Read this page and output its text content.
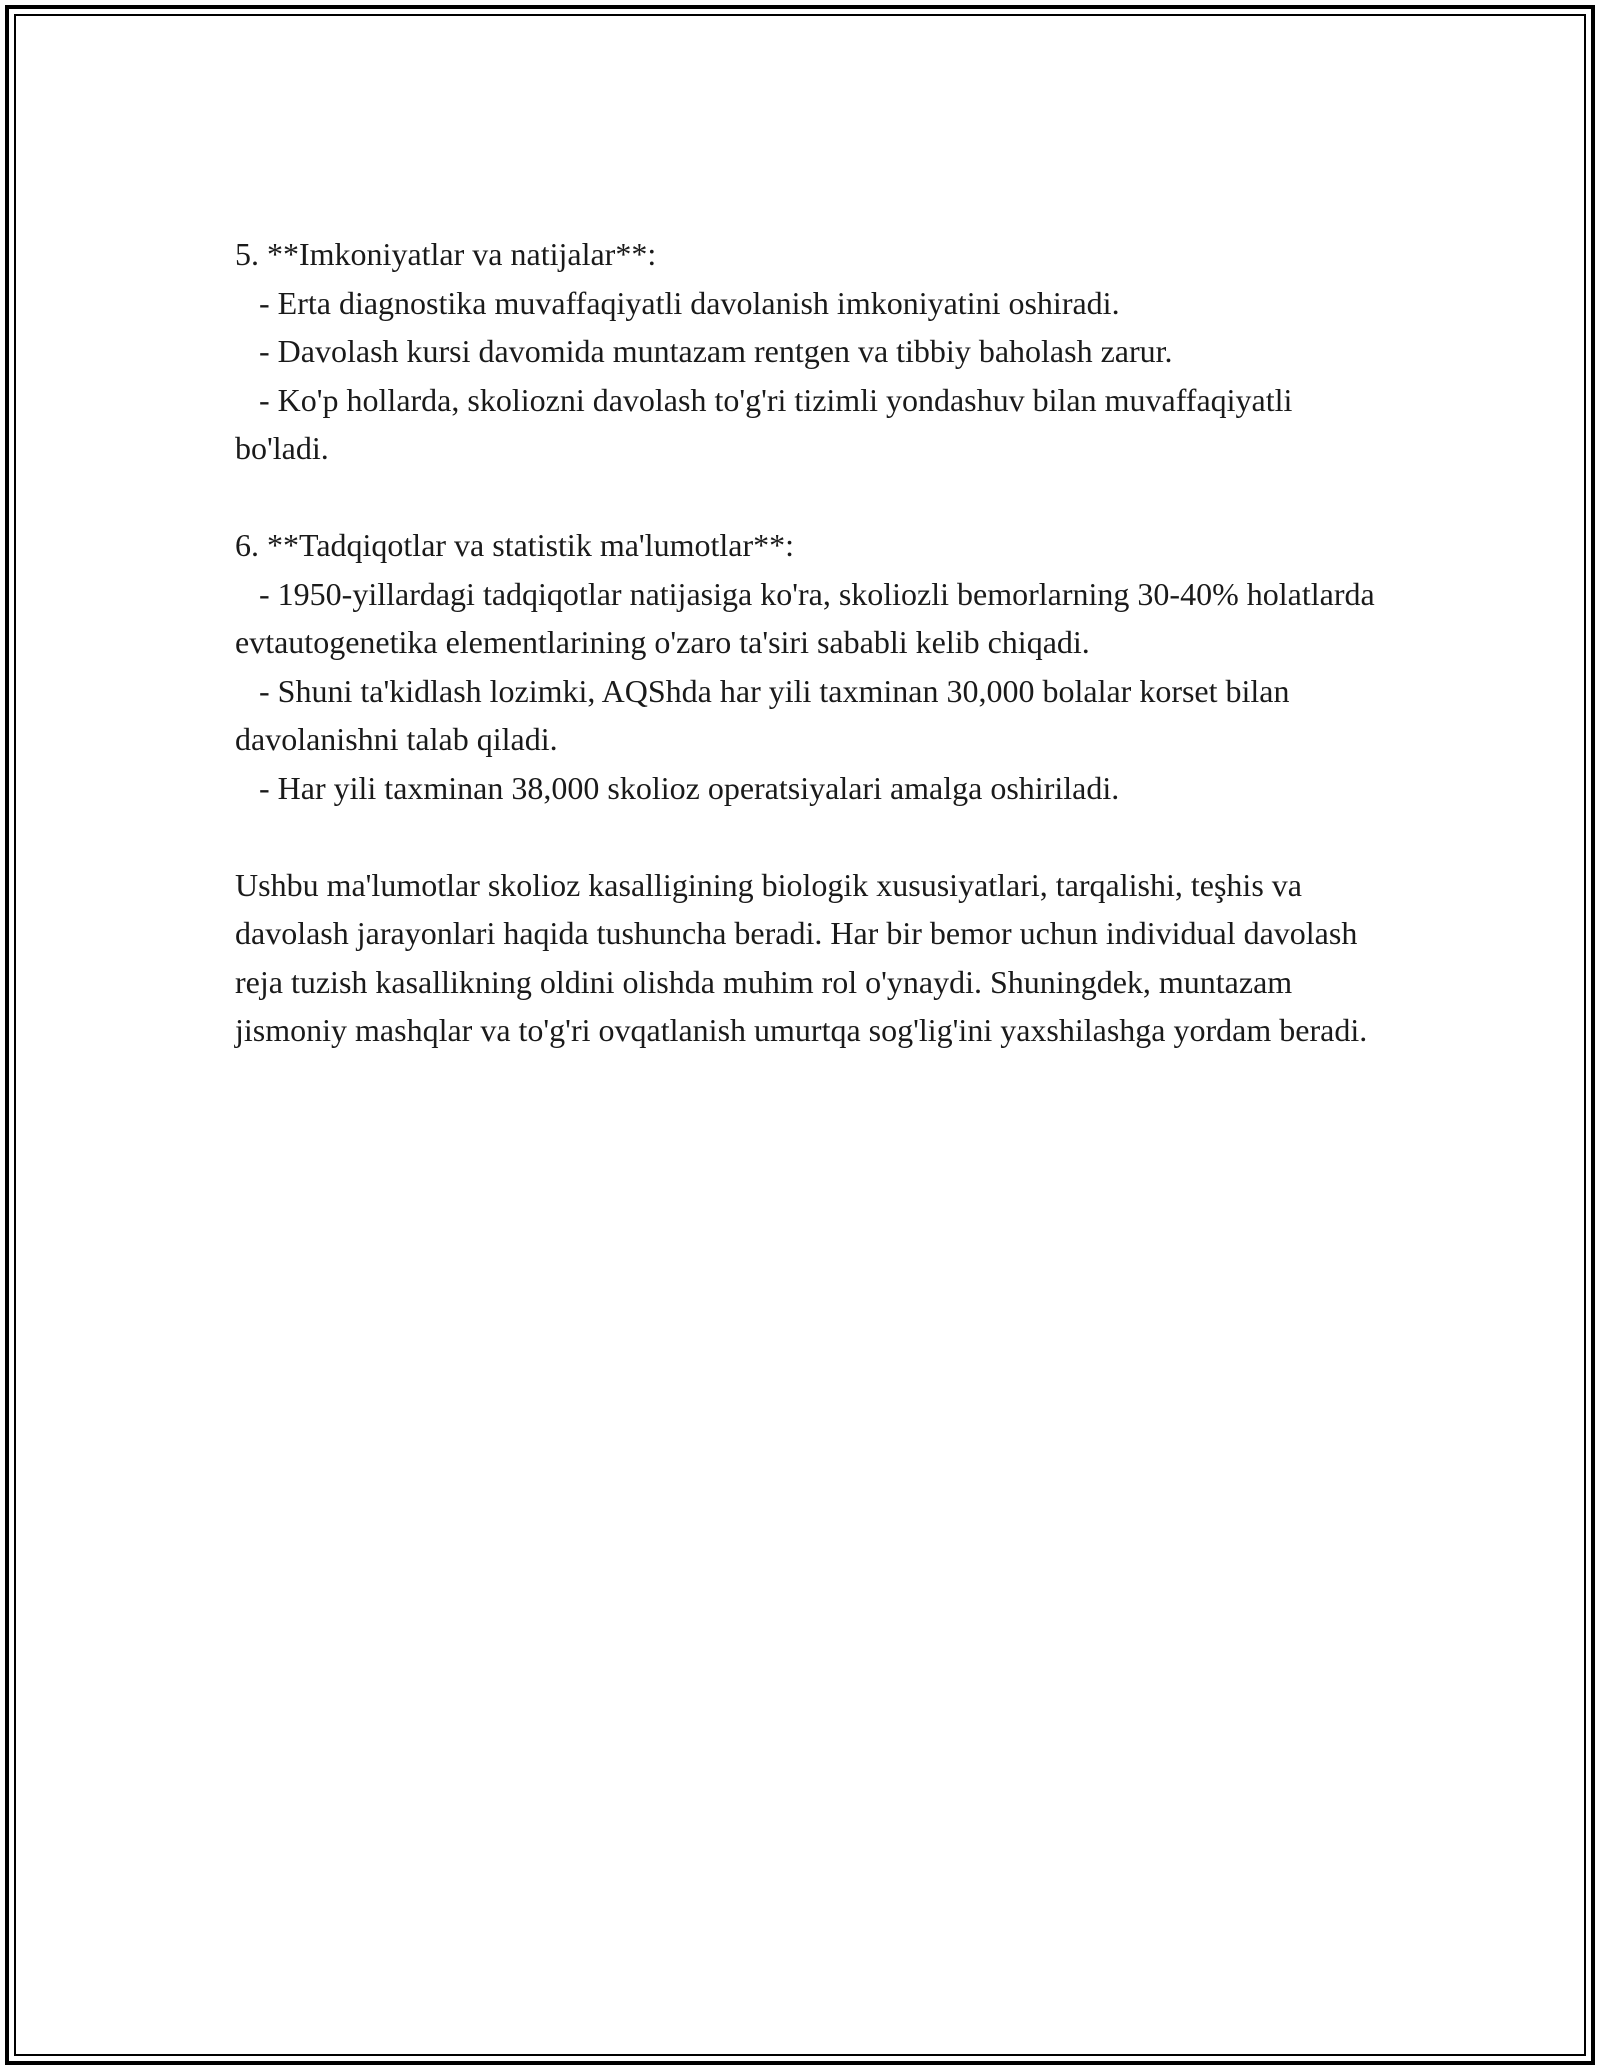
5. **Imkoniyatlar va natijalar**:

- Erta diagnostika muvaffaqiyatli davolanish imkoniyatini oshiradi.

- Davolash kursi davomida muntazam rentgen va tibbiy baholash zarur.

- Ko'p hollarda, skoliozni davolash to'g'ri tizimli yondashuv bilan muvaffaqiyatli bo'ladi.

6. **Tadqiqotlar va statistik ma'lumotlar**:

- 1950-yillardagi tadqiqotlar natijasiga ko'ra, skoliozli bemorlarning 30-40% holatlarda evtautogenetika elementlarining o'zaro ta'siri sababli kelib chiqadi.

- Shuni ta'kidlash lozimki, AQShda har yili taxminan 30,000 bolalar korset bilan davolanishni talab qiladi.

- Har yili taxminan 38,000 skolioz operatsiyalari amalga oshiriladi.

Ushbu ma'lumotlar skolioz kasalligining biologik xususiyatlari, tarqalishi, teşhis va davolash jarayonlari haqida tushuncha beradi. Har bir bemor uchun individual davolash reja tuzish kasallikning oldini olishda muhim rol o'ynaydi. Shuningdek, muntazam jismoniy mashqlar va to'g'ri ovqatlanish umurtqa sog'lig'ini yaxshilashga yordam beradi.
